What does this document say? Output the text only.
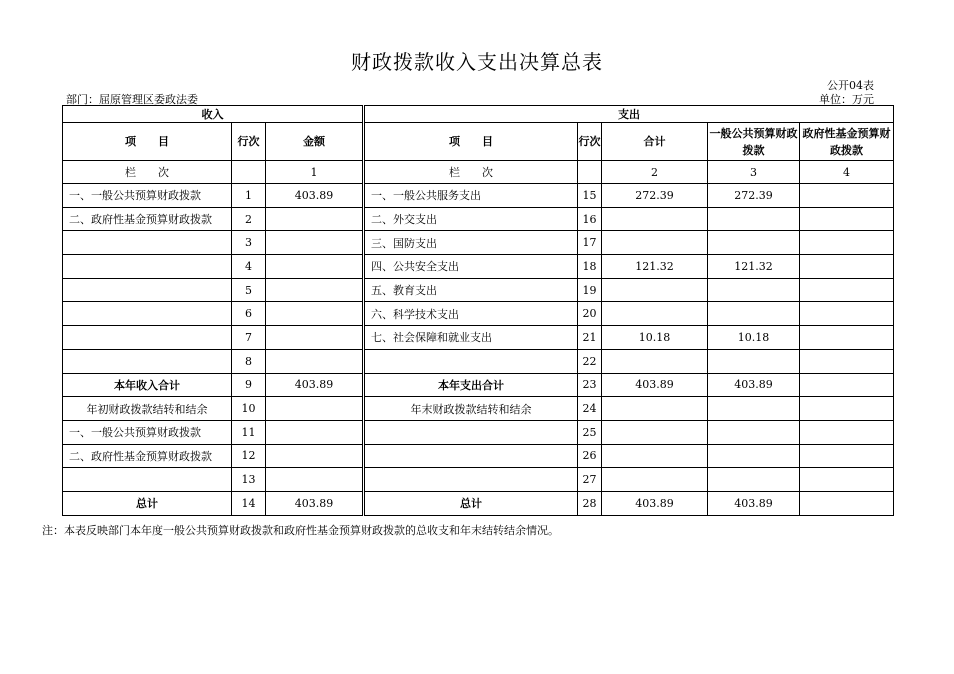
财政拨款收入支出决算总表
公开04表
部门：屈原管理区委政法委	单位：万元
收入			支出				
项　　目	行次	金额	项　　目	行次	合计	一般公共预算财政拨款	政府性基金预算财政拨款
栏　　次		1	栏　　次		2	3	4
一、一般公共预算财政拨款	1	403.89	一、一般公共服务支出	15	272.39	272.39	
二、政府性基金预算财政拨款	2		二、外交支出	16			
	3		三、国防支出	17			
	4		四、公共安全支出	18	121.32	121.32	
	5		五、教育支出	19			
	6		六、科学技术支出	20			
	7		七、社会保障和就业支出	21	10.18	10.18	
	8			22			
本年收入合计	9	403.89	本年支出合计	23	403.89	403.89	
年初财政拨款结转和结余	10		年末财政拨款结转和结余	24			
一、一般公共预算财政拨款	11			25			
二、政府性基金预算财政拨款	12			26			
	13			27			
总计	14	403.89	总计	28	403.89	403.89	
注：本表反映部门本年度一般公共预算财政拨款和政府性基金预算财政拨款的总收支和年末结转结余情况。
